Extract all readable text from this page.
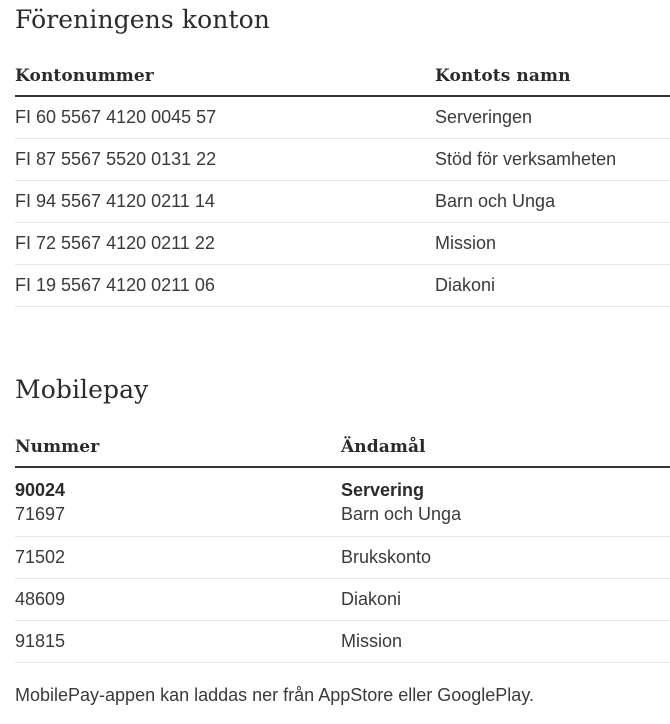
Föreningens konton
Kontonummer	Kontots namn
FI 60 5567 4120 0045 57	Serveringen
FI 87 5567 5520 0131 22	Stöd för verksamheten
FI 94 5567 4120 0211 14	Barn och Unga
FI 72 5567 4120 0211 22	Mission
FI 19 5567 4120 0211 06	Diakoni
Mobilepay
Nummer	Ändamål
90024	Servering
71697	Barn och Unga
71502	Brukskonto
48609	Diakoni
91815	Mission

MobilePay-appen kan laddas ner från AppStore eller GooglePlay.
